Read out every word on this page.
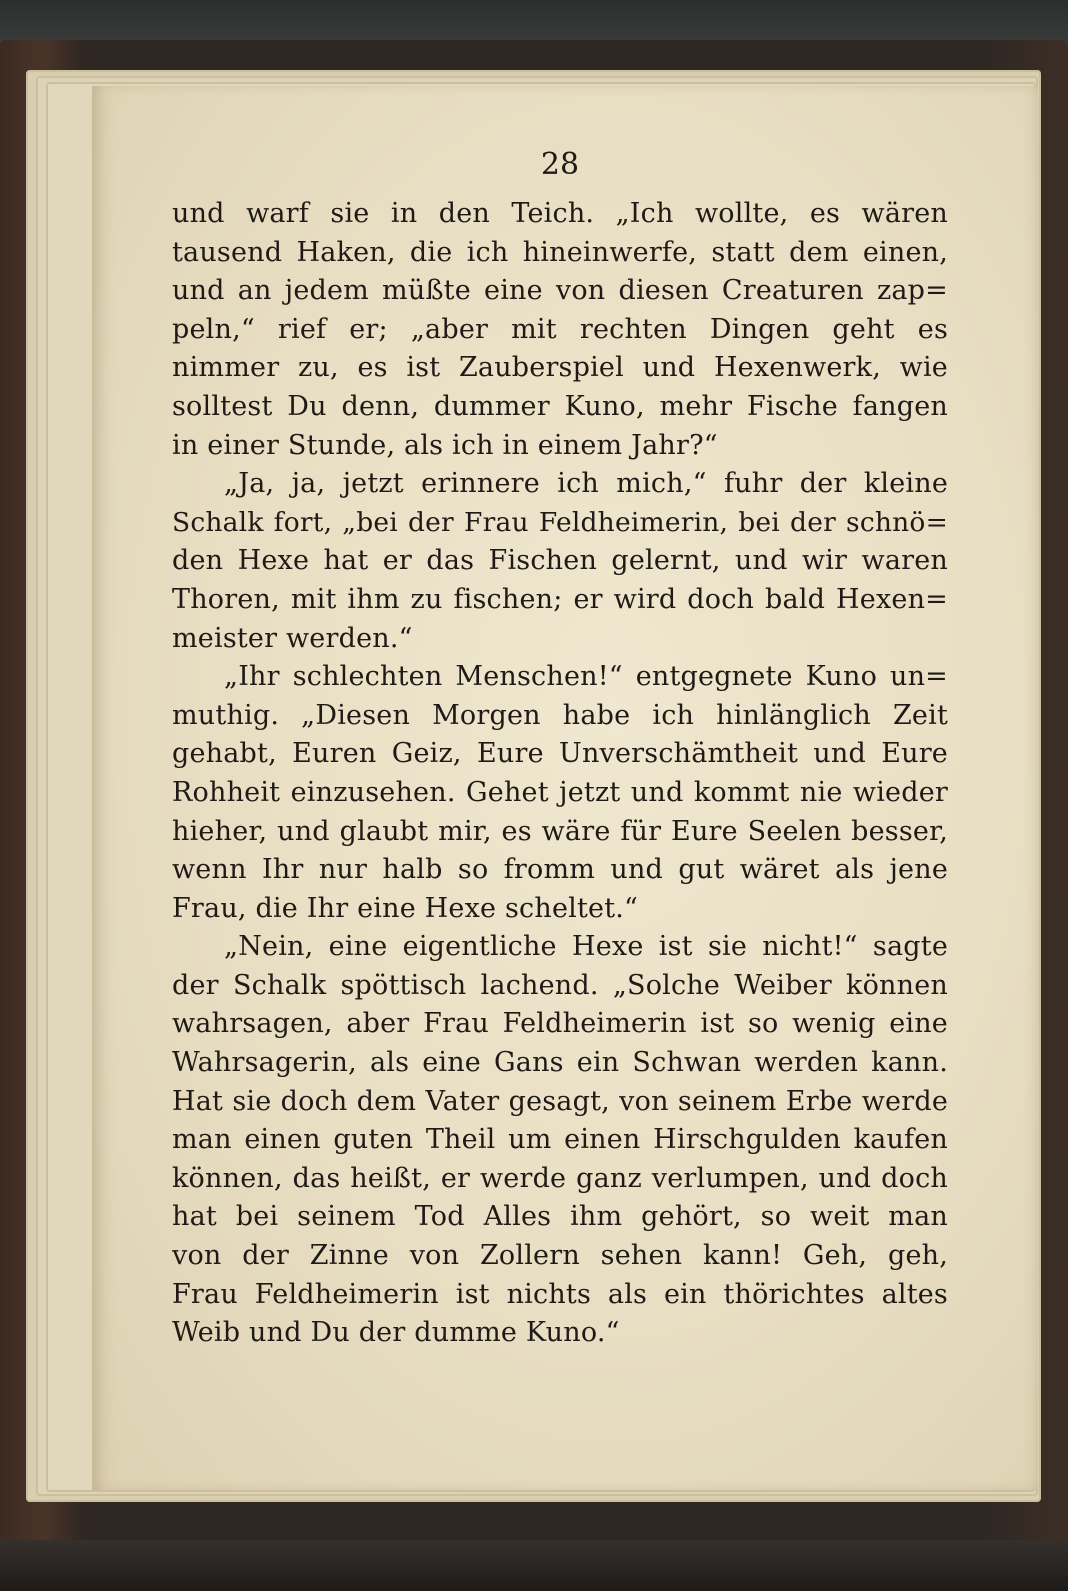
28
und warf sie in den Teich. „Ich wollte, es wären
tausend Haken, die ich hineinwerfe, statt dem einen,
und an jedem müßte eine von diesen Creaturen zap=
peln,“ rief er; „aber mit rechten Dingen geht es
nimmer zu, es ist Zauberspiel und Hexenwerk, wie
solltest Du denn, dummer Kuno, mehr Fische fangen
in einer Stunde, als ich in einem Jahr?“
„Ja, ja, jetzt erinnere ich mich,“ fuhr der kleine
Schalk fort, „bei der Frau Feldheimerin, bei der schnö=
den Hexe hat er das Fischen gelernt, und wir waren
Thoren, mit ihm zu fischen; er wird doch bald Hexen=
meister werden.“
„Ihr schlechten Menschen!“ entgegnete Kuno un=
muthig. „Diesen Morgen habe ich hinlänglich Zeit
gehabt, Euren Geiz, Eure Unverschämtheit und Eure
Rohheit einzusehen. Gehet jetzt und kommt nie wieder
hieher, und glaubt mir, es wäre für Eure Seelen besser,
wenn Ihr nur halb so fromm und gut wäret als jene
Frau, die Ihr eine Hexe scheltet.“
„Nein, eine eigentliche Hexe ist sie nicht!“ sagte
der Schalk spöttisch lachend. „Solche Weiber können
wahrsagen, aber Frau Feldheimerin ist so wenig eine
Wahrsagerin, als eine Gans ein Schwan werden kann.
Hat sie doch dem Vater gesagt, von seinem Erbe werde
man einen guten Theil um einen Hirschgulden kaufen
können, das heißt, er werde ganz verlumpen, und doch
hat bei seinem Tod Alles ihm gehört, so weit man
von der Zinne von Zollern sehen kann! Geh, geh,
Frau Feldheimerin ist nichts als ein thörichtes altes
Weib und Du der dumme Kuno.“
